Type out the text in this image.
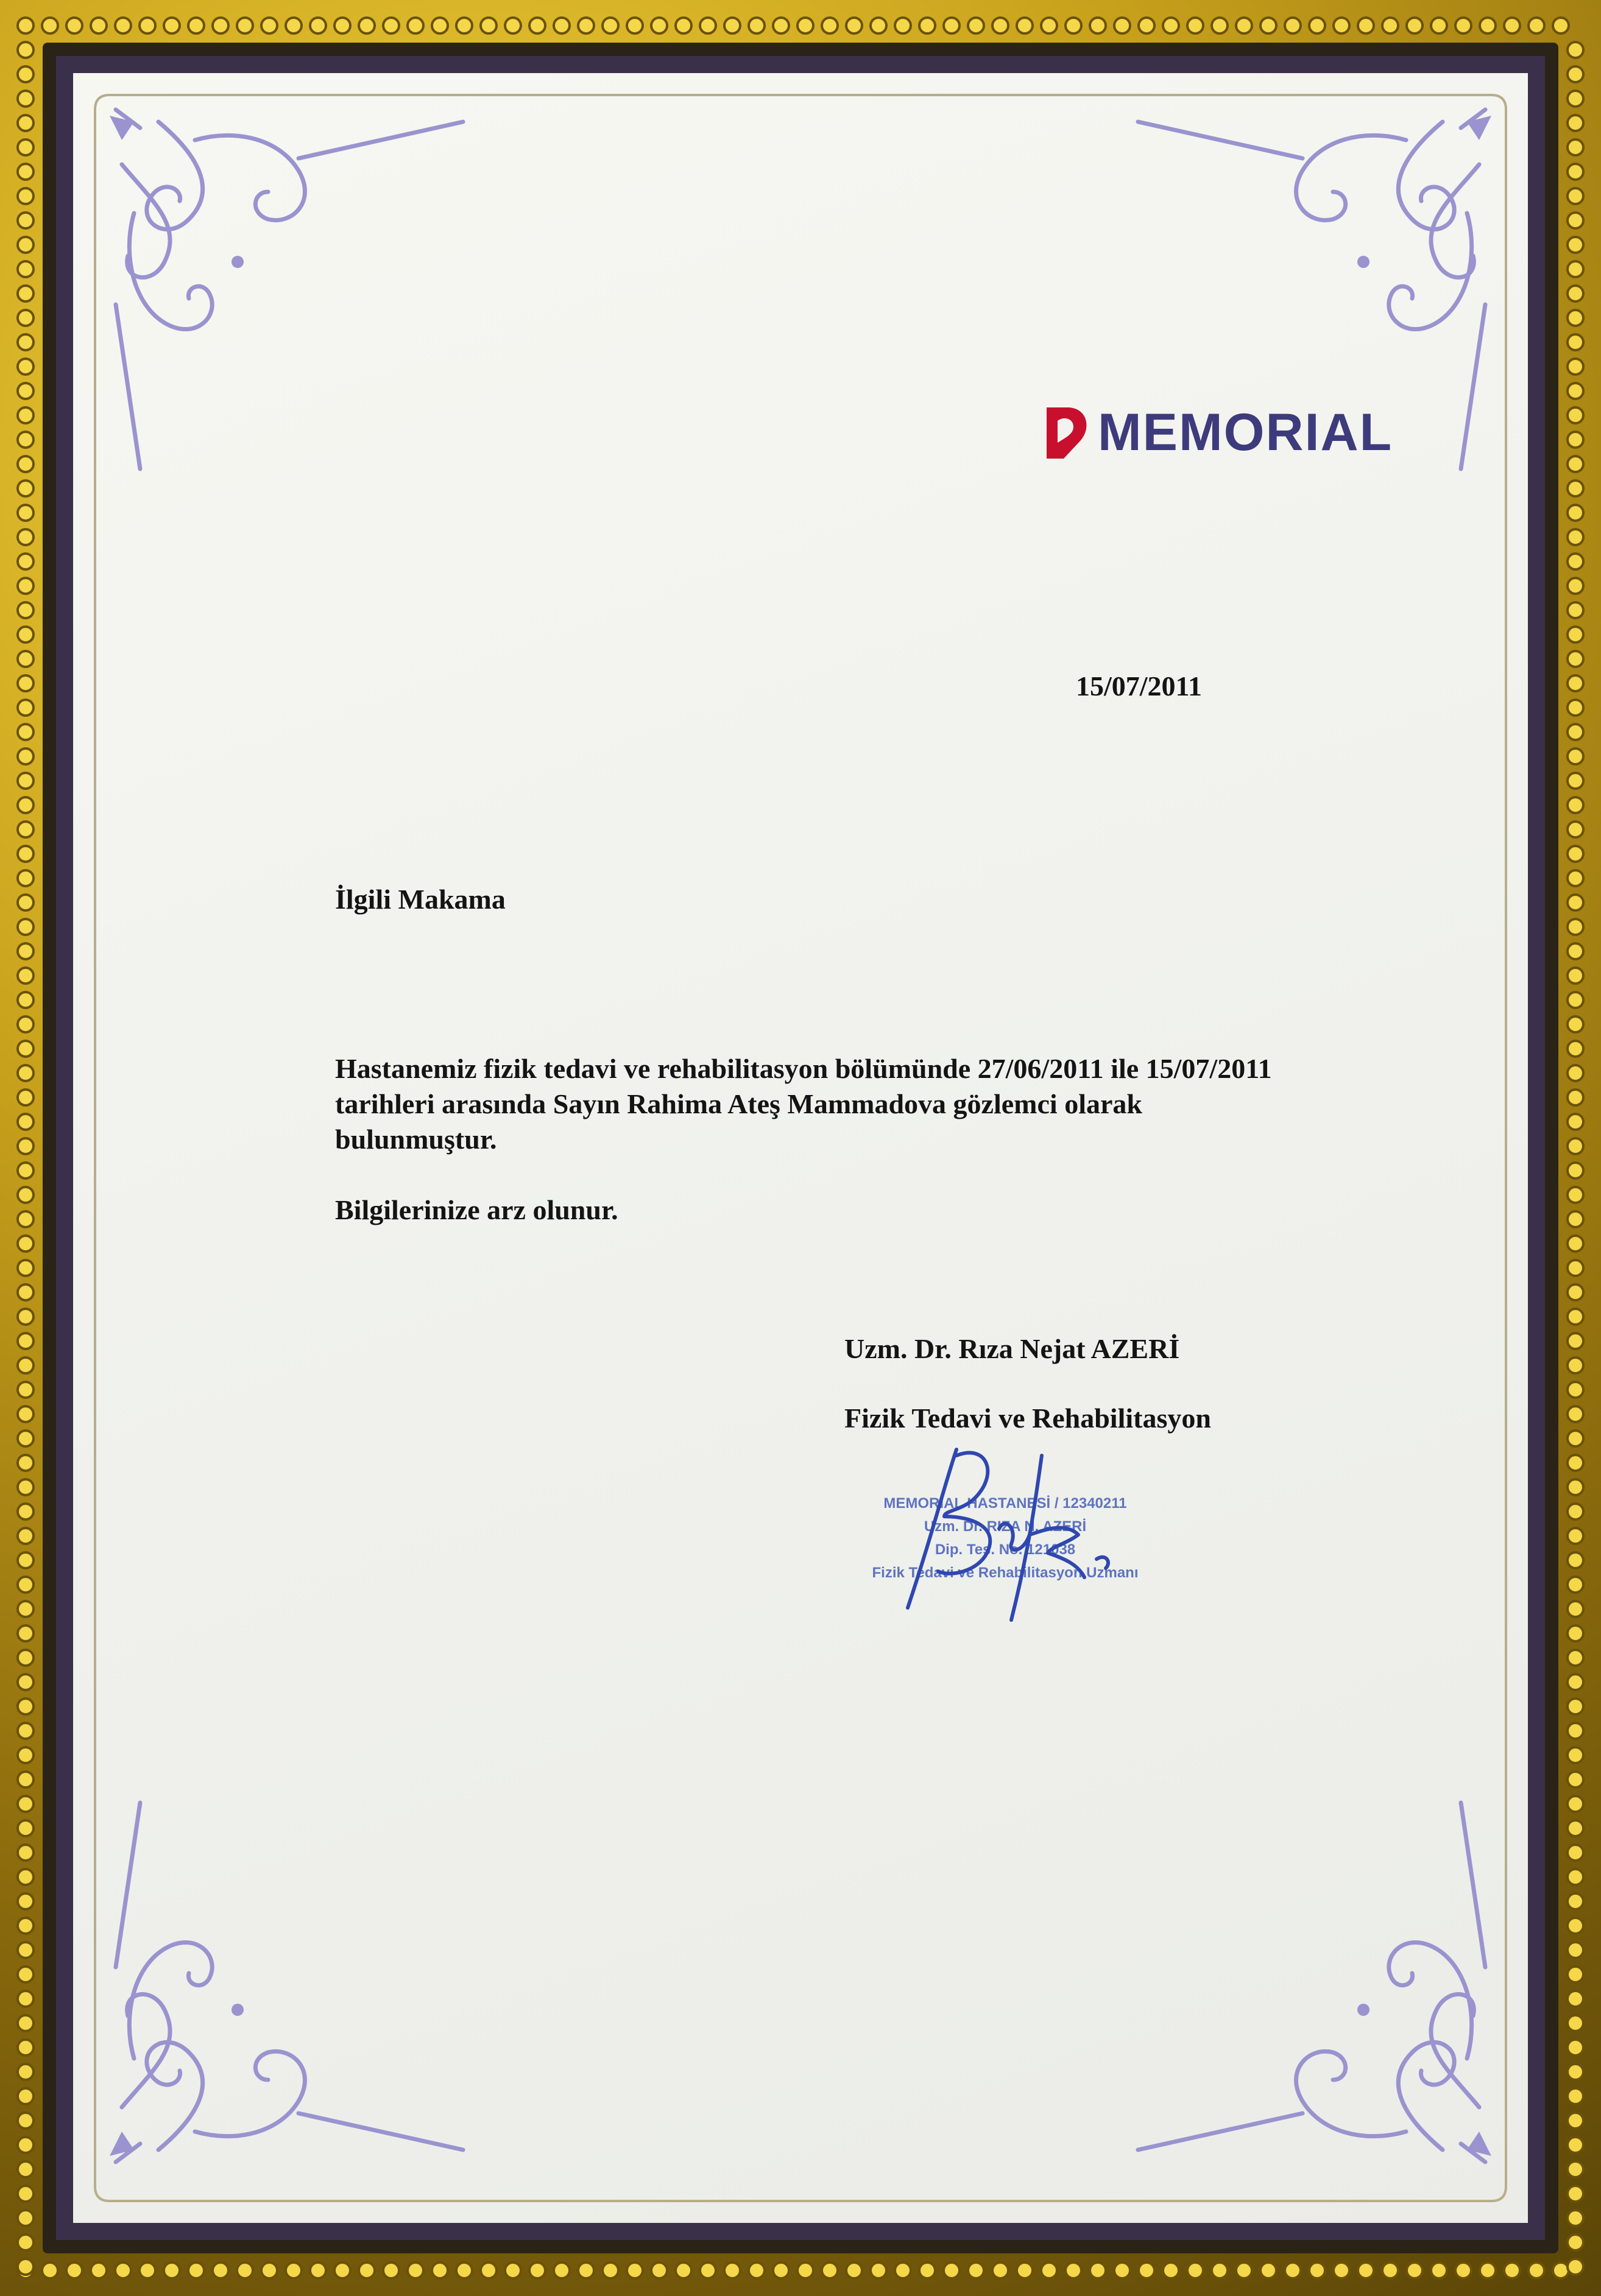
MEMORIAL
15/07/2011
İlgili Makama
Hastanemiz fizik tedavi ve rehabilitasyon bölümünde 27/06/2011 ile 15/07/2011 tarihleri arasında Sayın Rahima Ateş Mammadova gözlemci olarak bulunmuştur.
Bilgilerinize arz olunur.
Uzm. Dr. Rıza Nejat AZERİ
Fizik Tedavi ve Rehabilitasyon
MEMORIAL HASTANESİ / 12340211
Uzm. Dr. RIZA N. AZERİ
Dip. Tes. No. 121038
Fizik Tedavi ve Rehabilitasyon Uzmanı
